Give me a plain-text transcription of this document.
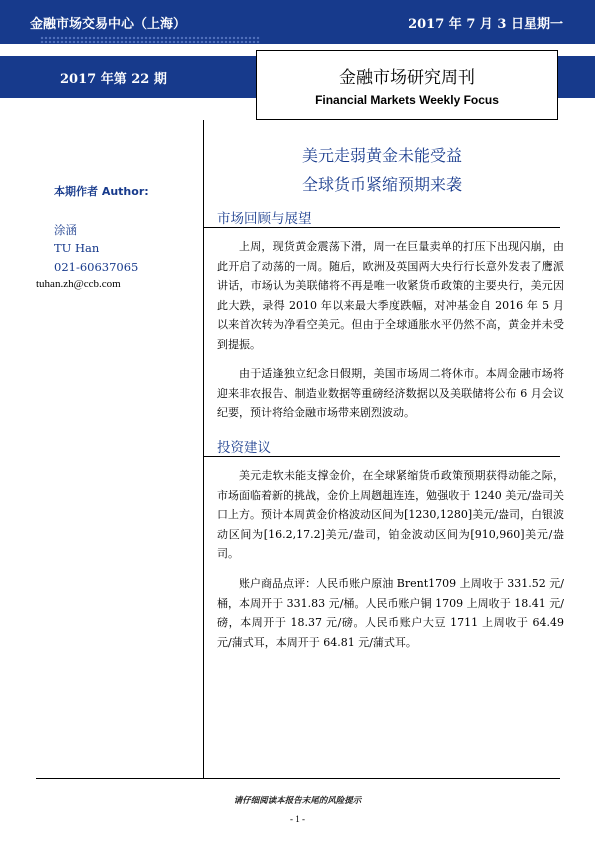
金融市场交易中心（上海）	2017 年 7 月 3 日星期一
2017 年第 22 期	金融市场研究周刊
Financial Markets Weekly Focus
美元走弱黄金未能受益
全球货币紧缩预期来袭
本期作者 Author:
涂涵
TU Han
021-60637065
tuhan.zh@ccb.com
市场回顾与展望
上周，现货黄金震荡下滑，周一在巨量卖单的打压下出现闪崩，由此开启了动荡的一周。随后，欧洲及英国两大央行行长意外发表了鹰派讲话，市场认为美联储将不再是唯一收紧货币政策的主要央行，美元因此大跌，录得 2010 年以来最大季度跌幅，对冲基金自 2016 年 5 月以来首次转为净看空美元。但由于全球通胀水平仍然不高，黄金并未受到提振。
由于适逢独立纪念日假期，美国市场周二将休市。本周金融市场将迎来非农报告、制造业数据等重磅经济数据以及美联储将公布 6 月会议纪要，预计将给金融市场带来剧烈波动。
投资建议
美元走软未能支撑金价，在全球紧缩货币政策预期获得动能之际，市场面临着新的挑战，金价上周趔趄连连，勉强收于 1240 美元/盎司关口上方。预计本周黄金价格波动区间为[1230,1280]美元/盎司，白银波动区间为[16.2,17.2]美元/盎司，铂金波动区间为[910,960]美元/盎司。
账户商品点评：人民币账户原油 Brent1709 上周收于 331.52 元/桶，本周开于 331.83 元/桶。人民币账户铜 1709 上周收于 18.41 元/磅，本周开于 18.37 元/磅。人民币账户大豆 1711 上周收于 64.49 元/蒲式耳，本周开于 64.81 元/蒲式耳。
请仔细阅读本报告末尾的风险提示
- 1 -
